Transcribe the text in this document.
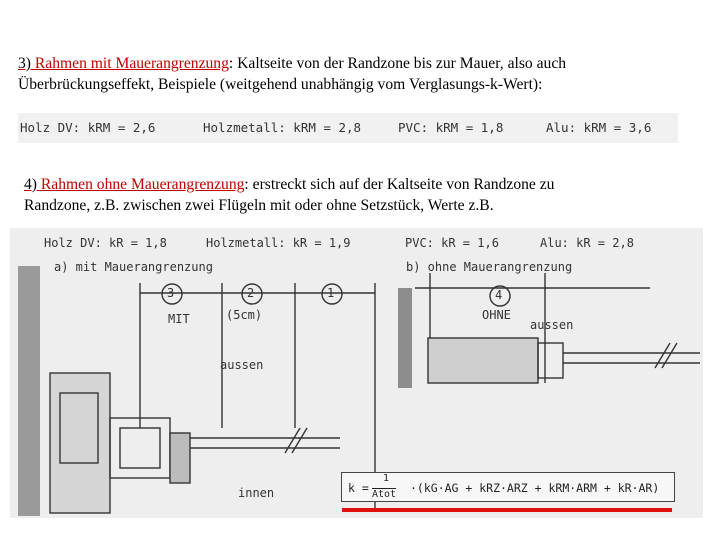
3) Rahmen mit Mauerangrenzung: Kaltseite von der Randzone bis zur Mauer, also auch
Überbrückungseffekt, Beispiele (weitgehend unabhängig vom Verglasungs-k-Wert):
Holz DV: kRM = 2,6	Holzmetall: kRM = 2,8	PVC: kRM = 1,8	Alu: kRM = 3,6
4) Rahmen ohne Mauerangrenzung: erstreckt sich auf der Kaltseite von Randzone zu
Randzone, z.B. zwischen zwei Flügeln mit oder ohne Setzstück, Werte z.B.
Holz DV: kR = 1,8	Holzmetall: kR = 1,9	PVC: kR = 1,6	Alu: kR = 2,8
a) mit Mauerangrenzung	b) ohne Mauerangrenzung
3	2	1	4
(5cm)
MIT	OHNE
aussen
aussen
innen	k =
1
Atot ·(kG·AG + kRZ·ARZ + kRM·ARM + kR·AR)
